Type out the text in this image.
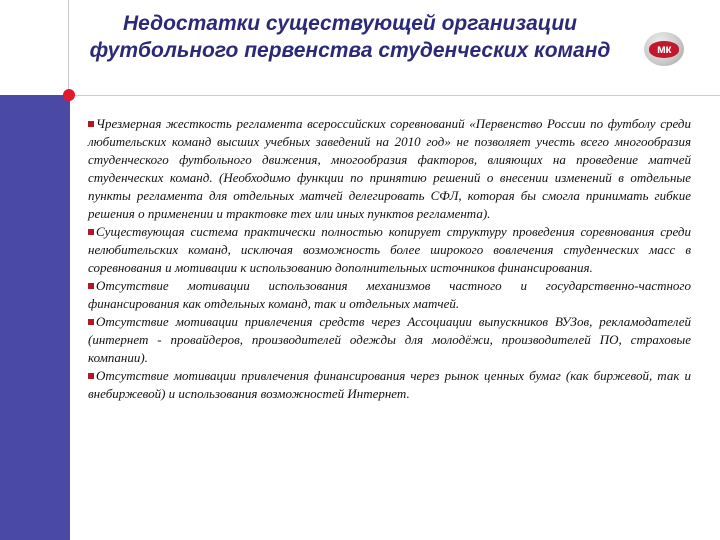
Недостатки существующей организации
футбольного первенства студенческих команд	мк

Чрезмерная жесткость регламента всероссийских соревнований «Первенство России по футболу среди любительских команд высших учебных заведений на 2010 год» не позволяет учесть всего многообразия студенческого футбольного движения, многообразия факторов, влияющих на проведение матчей студенческих команд. (Необходимо функции по принятию решений о внесении изменений в отдельные пункты регламента для отдельных матчей делегировать СФЛ, которая бы смогла принимать гибкие решения о применении и трактовке тех или иных пунктов регламента).

Существующая система практически полностью копирует структуру проведения соревнования среди нелюбительских команд, исключая возможность более широкого вовлечения студенческих масс в соревнования и мотивации к использованию дополнительных источников финансирования.

Отсутствие мотивации использования механизмов частного и государственно-частного финансирования как отдельных команд, так и отдельных матчей.

Отсутствие мотивации привлечения средств через Ассоциации выпускников ВУЗов, рекламодателей (интернет - провайдеров, производителей одежды для молодёжи, производителей ПО, страховые компании).

Отсутствие мотивации привлечения финансирования через рынок ценных бумаг (как биржевой, так и внебиржевой) и использования возможностей Интернет.
